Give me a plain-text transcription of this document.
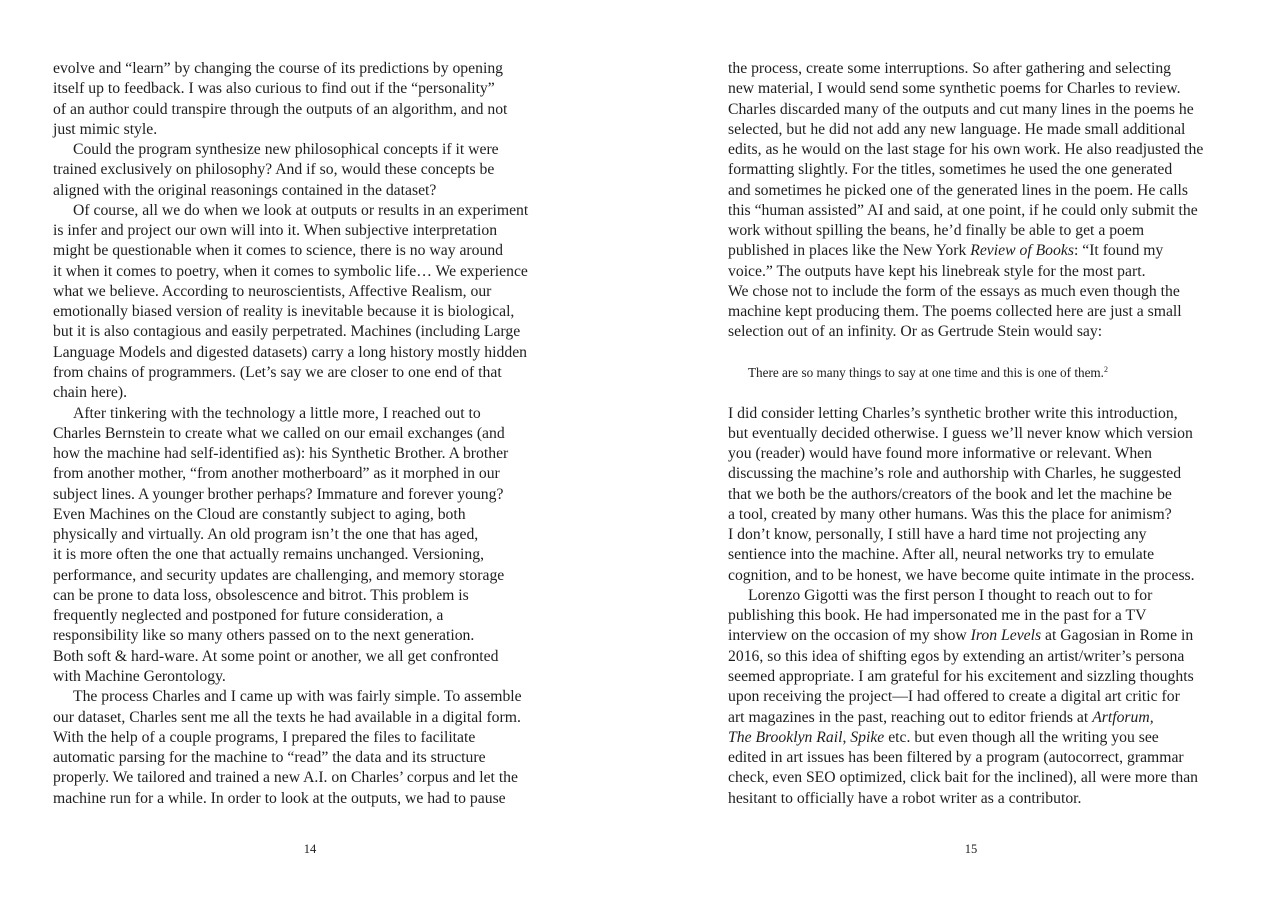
evolve and “learn” by changing the course of its predictions by opening
itself up to feedback. I was also curious to find out if the “personality”
of an author could transpire through the outputs of an algorithm, and not
just mimic style.
Could the program synthesize new philosophical concepts if it were
trained exclusively on philosophy? And if so, would these concepts be
aligned with the original reasonings contained in the dataset?
Of course, all we do when we look at outputs or results in an experiment
is infer and project our own will into it. When subjective interpretation
might be questionable when it comes to science, there is no way around
it when it comes to poetry, when it comes to symbolic life… We experience
what we believe. According to neuroscientists, Affective Realism, our
emotionally biased version of reality is inevitable because it is biological,
but it is also contagious and easily perpetrated. Machines (including Large
Language Models and digested datasets) carry a long history mostly hidden
from chains of programmers. (Let’s say we are closer to one end of that
chain here).
After tinkering with the technology a little more, I reached out to
Charles Bernstein to create what we called on our email exchanges (and
how the machine had self-identified as): his Synthetic Brother. A brother
from another mother, “from another motherboard” as it morphed in our
subject lines. A younger brother perhaps? Immature and forever young?
Even Machines on the Cloud are constantly subject to aging, both
physically and virtually. An old program isn’t the one that has aged,
it is more often the one that actually remains unchanged. Versioning,
performance, and security updates are challenging, and memory storage
can be prone to data loss, obsolescence and bitrot. This problem is
frequently neglected and postponed for future consideration, a
responsibility like so many others passed on to the next generation.
Both soft & hard-ware. At some point or another, we all get confronted
with Machine Gerontology.
The process Charles and I came up with was fairly simple. To assemble
our dataset, Charles sent me all the texts he had available in a digital form.
With the help of a couple programs, I prepared the files to facilitate
automatic parsing for the machine to “read” the data and its structure
properly. We tailored and trained a new A.I. on Charles’ corpus and let the
machine run for a while. In order to look at the outputs, we had to pause
14
the process, create some interruptions. So after gathering and selecting
new material, I would send some synthetic poems for Charles to review.
Charles discarded many of the outputs and cut many lines in the poems he
selected, but he did not add any new language. He made small additional
edits, as he would on the last stage for his own work. He also readjusted the
formatting slightly. For the titles, sometimes he used the one generated
and sometimes he picked one of the generated lines in the poem. He calls
this “human assisted” AI and said, at one point, if he could only submit the
work without spilling the beans, he’d finally be able to get a poem
published in places like the New York Review of Books: “It found my
voice.” The outputs have kept his linebreak style for the most part.
We chose not to include the form of the essays as much even though the
machine kept producing them. The poems collected here are just a small
selection out of an infinity. Or as Gertrude Stein would say:
There are so many things to say at one time and this is one of them.$^2$
I did consider letting Charles’s synthetic brother write this introduction,
but eventually decided otherwise. I guess we’ll never know which version
you (reader) would have found more informative or relevant. When
discussing the machine’s role and authorship with Charles, he suggested
that we both be the authors/creators of the book and let the machine be
a tool, created by many other humans. Was this the place for animism?
I don’t know, personally, I still have a hard time not projecting any
sentience into the machine. After all, neural networks try to emulate
cognition, and to be honest, we have become quite intimate in the process.
Lorenzo Gigotti was the first person I thought to reach out to for
publishing this book. He had impersonated me in the past for a TV
interview on the occasion of my show Iron Levels at Gagosian in Rome in
2016, so this idea of shifting egos by extending an artist/writer’s persona
seemed appropriate. I am grateful for his excitement and sizzling thoughts
upon receiving the project—I had offered to create a digital art critic for
art magazines in the past, reaching out to editor friends at Artforum,
The Brooklyn Rail, Spike etc. but even though all the writing you see
edited in art issues has been filtered by a program (autocorrect, grammar
check, even SEO optimized, click bait for the inclined), all were more than
hesitant to officially have a robot writer as a contributor.
15
